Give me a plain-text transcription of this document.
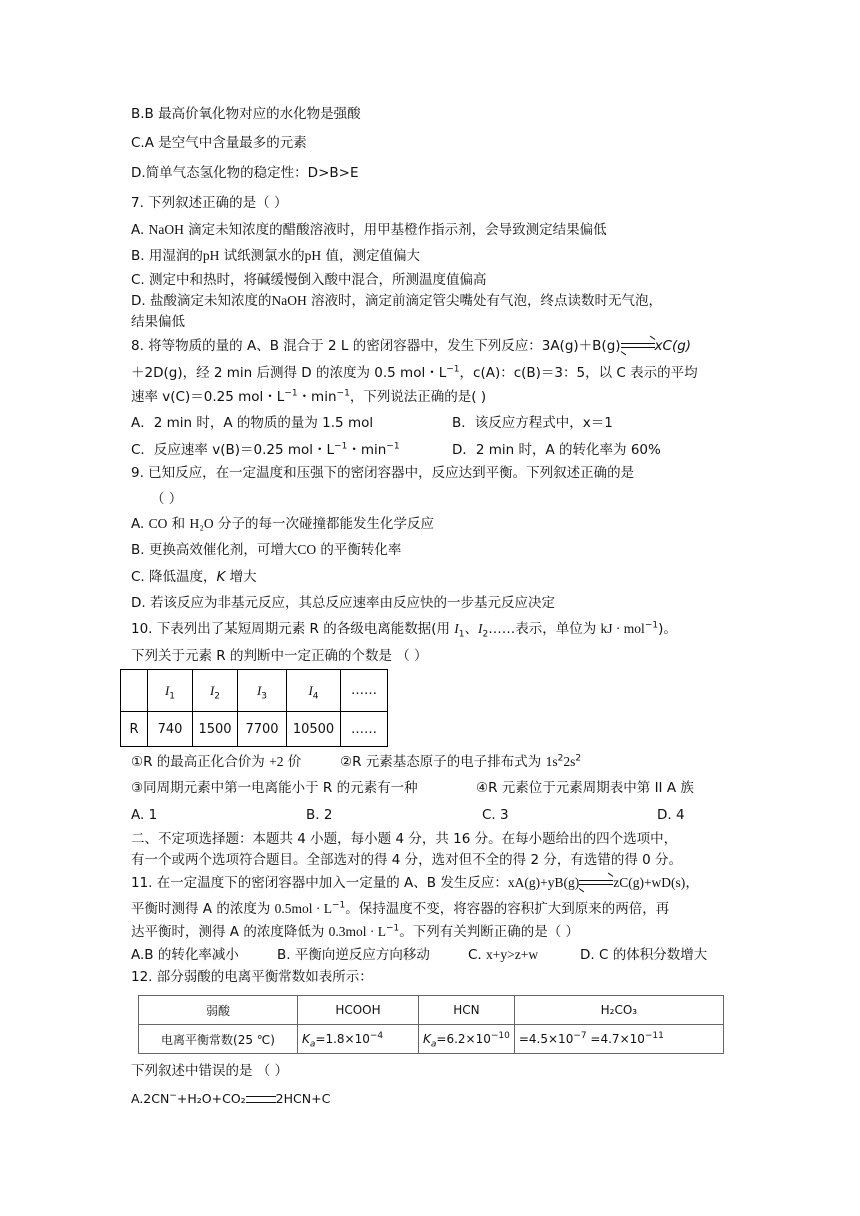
B.B 最高价氧化物对应的水化物是强酸
C.A 是空气中含量最多的元素
D.简单气态氢化物的稳定性：D>B>E
7. 下列叙述正确的是（ ）
A. NaOH 滴定未知浓度的醋酸溶液时，用甲基橙作指示剂，会导致测定结果偏低
B. 用湿润的pH 试纸测氯水的pH 值，测定值偏大
C. 测定中和热时，将碱缓慢倒入酸中混合，所测温度值偏高
D. 盐酸滴定未知浓度的NaOH 溶液时，滴定前滴定管尖嘴处有气泡，终点读数时无气泡，
结果偏低
8. 将等物质的量的 A、B 混合于 2 L 的密闭容器中，发生下列反应：3A(g)＋B(g)⇌xC(g)
＋2D(g)，经 2 min 后测得 D 的浓度为 0.5 mol・$L^{-1}$，c(A)：c(B)＝3：5，以 C 表示的平均
速率 v(C)＝0.25 mol・$L^{-1}$・$\min^{-1}$，下列说法正确的是( )
A．2 min 时，A 的物质的量为 1.5 mol	B．该反应方程式中，x＝1
C．反应速率 v(B)＝0.25 mol・$L^{-1}$・$\min^{-1}$	D．2 min 时，A 的转化率为 60%
9. 已知反应，在一定温度和压强下的密闭容器中，反应达到平衡。下列叙述正确的是
（ ）
A. CO 和 H₂O 分子的每一次碰撞都能发生化学反应
B. 更换高效催化剂，可增大CO 的平衡转化率
C. 降低温度，K 增大
D. 若该反应为非基元反应，其总反应速率由反应快的一步基元反应决定
10. 下表列出了某短周期元素 R 的各级电离能数据(用 $I_1$、$I_2\dots\dots$表示，单位为 kJ · mol$^{-1}$)。
下列关于元素 R 的判断中一定正确的个数是 （ ）
	$I_1$	$I_2$	$I_3$	$I_4$	……
R	740	1500	7700	10500	……
①R 的最高正化合价为 +2 价	②R 元素基态原子的电子排布式为 $1s^22s^2$
③同周期元素中第一电离能小于 R 的元素有一种	④R 元素位于元素周期表中第 II A 族
A. 1	B. 2	C. 3	D. 4
二、不定项选择题：本题共 4 小题，每小题 4 分，共 16 分。在每小题给出的四个选项中，
有一个或两个选项符合题目。全部选对的得 4 分，选对但不全的得 2 分，有选错的得 0 分。
11. 在一定温度下的密闭容器中加入一定量的 A、B 发生反应：xA(g)+yB(g)⇌zC(g)+wD(s)，
平衡时测得 A 的浓度为 $0.5mol \cdot L^{-1}$。保持温度不变，将容器的容积扩大到原来的两倍，再
达平衡时，测得 A 的浓度降低为 $0.3mol \cdot L^{-1}$。下列有关判断正确的是（ ）
A.B 的转化率减小	B. 平衡向逆反应方向移动	C. x+y>z+w	D. C 的体积分数增大
12. 部分弱酸的电离平衡常数如表所示：
弱酸	HCOOH	HCN	H₂CO₃
电离平衡常数(25 ℃)	$K_a=1.8\times 10^{-4}$	$K_a=6.2\times 10^{-10}$	$=4.5\times 10^{-7} =4.7\times 10^{-11}$
下列叙述中错误的是 （ ）
A.2CN−+H₂O+CO₂ 2HCN+C
